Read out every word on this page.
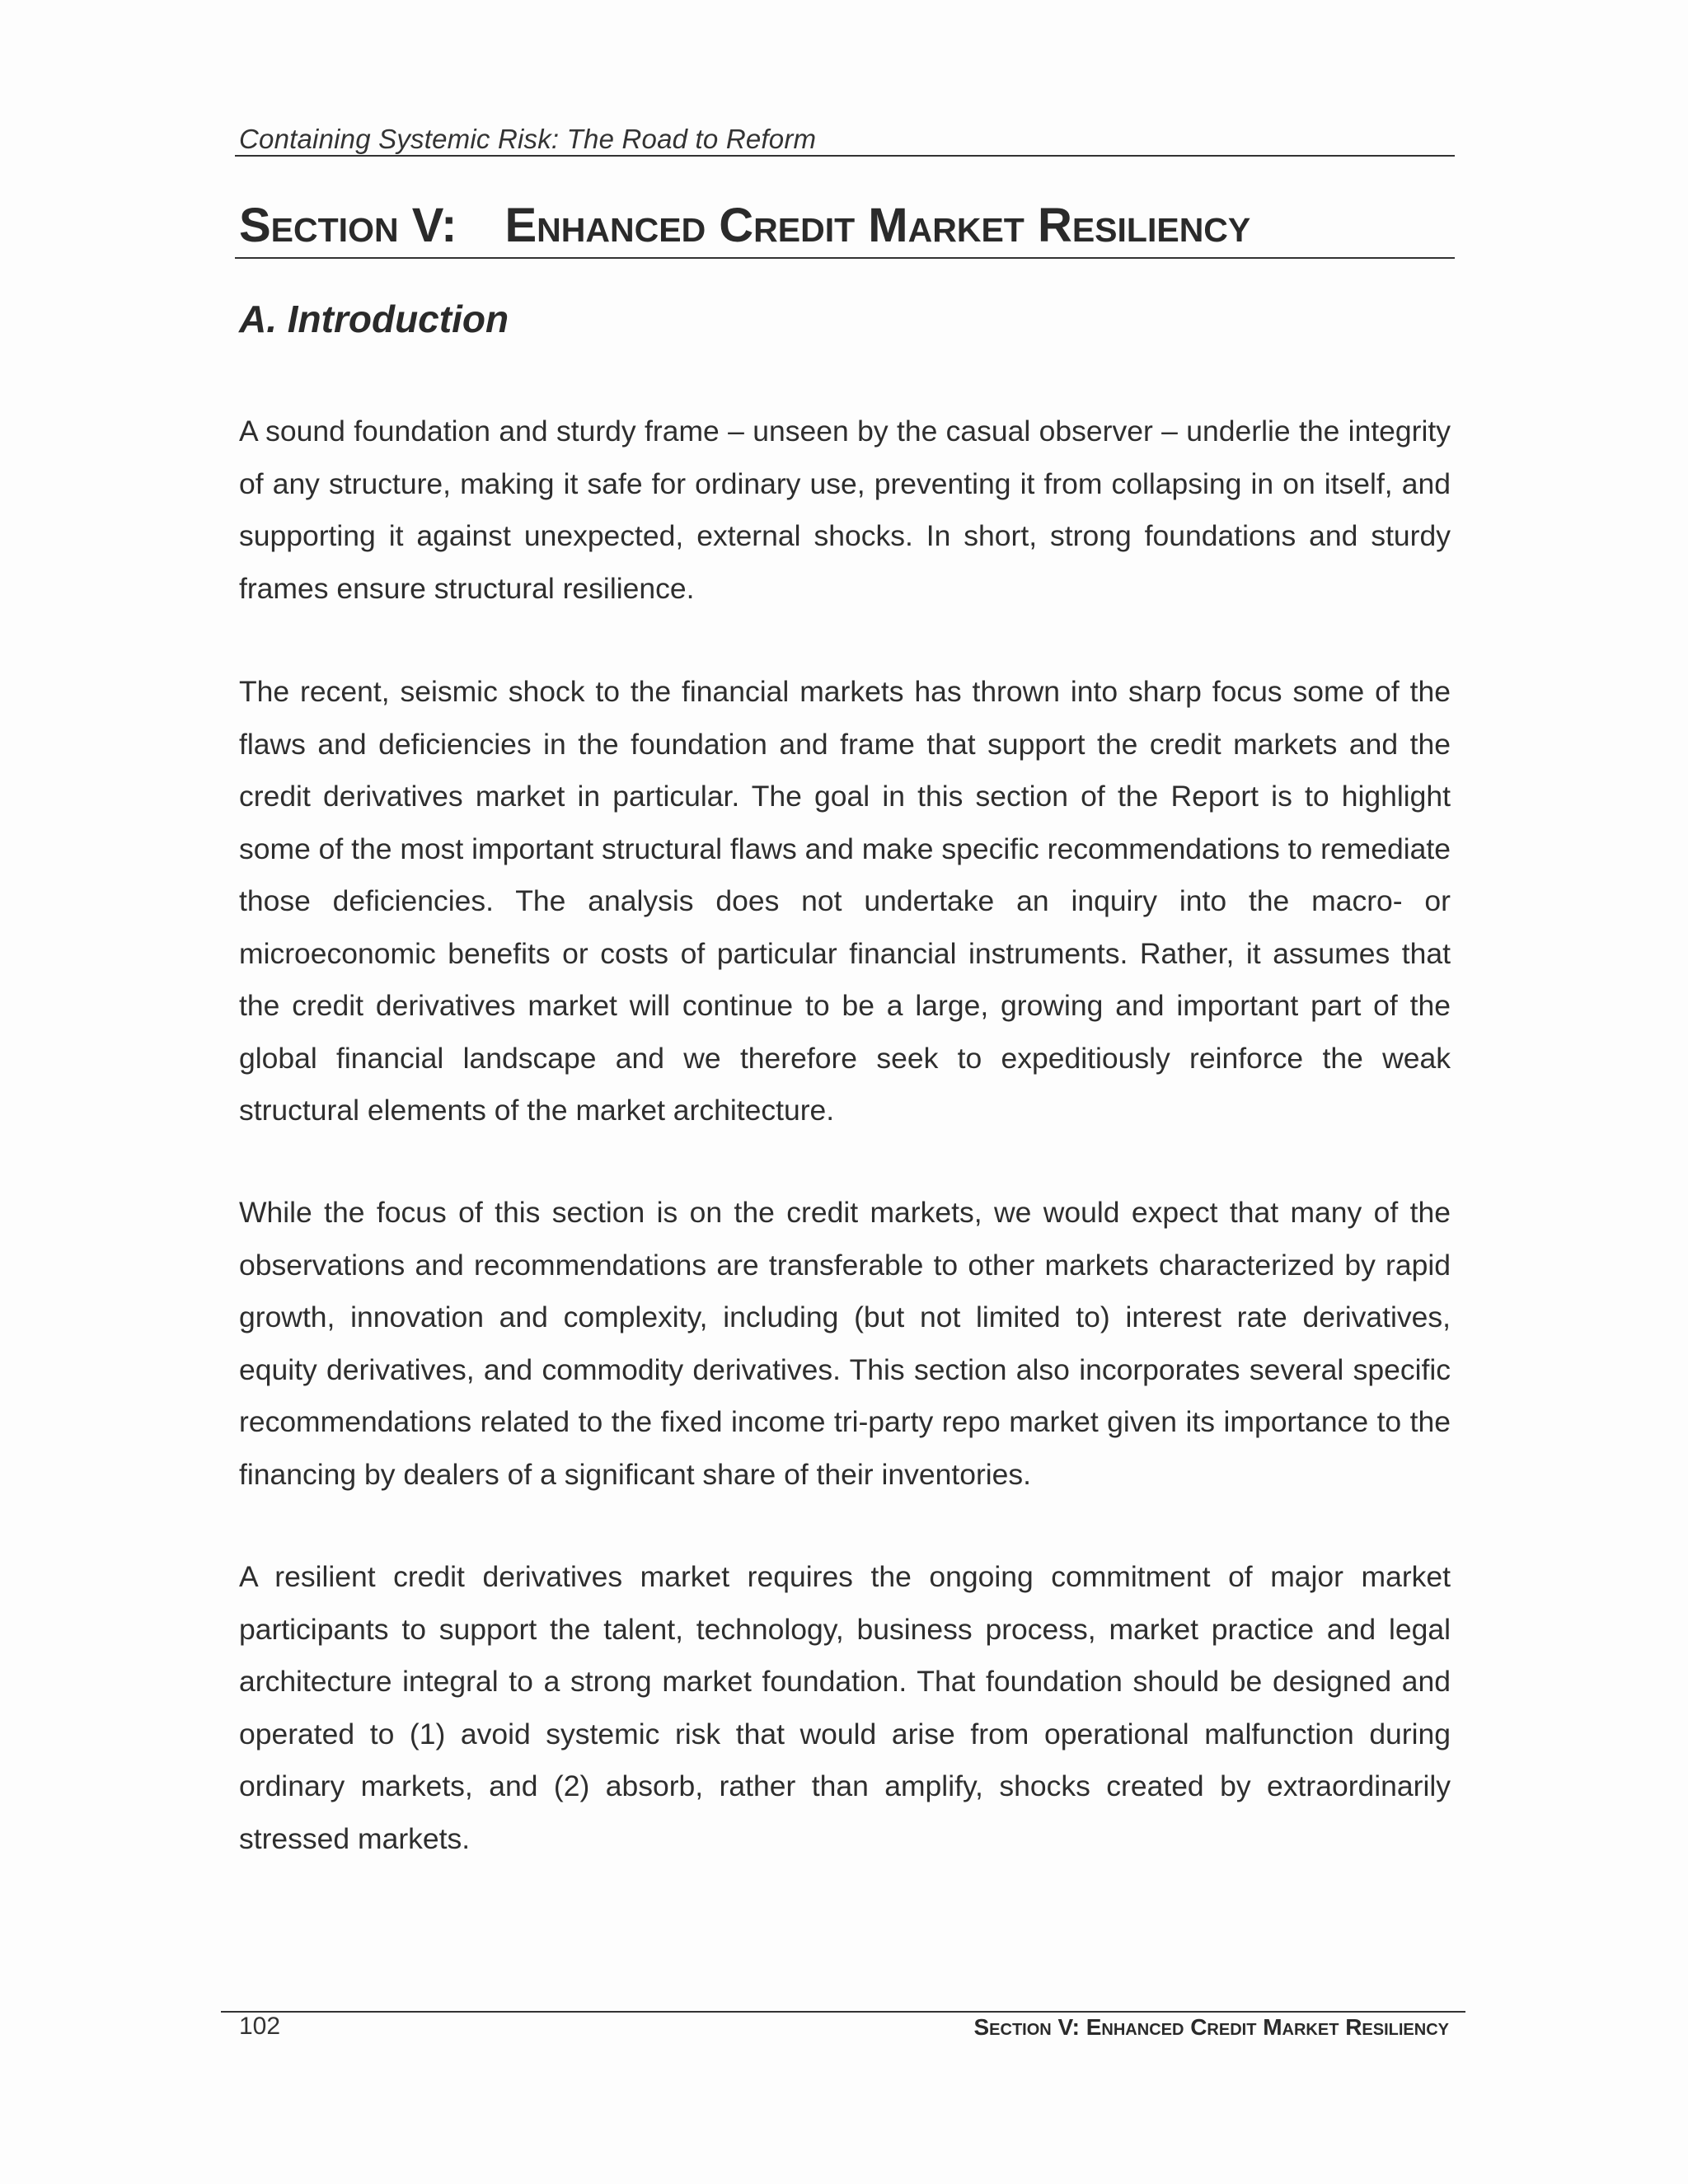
Containing Systemic Risk: The Road to Reform
Section V: Enhanced Credit Market Resiliency
A. Introduction

A sound foundation and sturdy frame – unseen by the casual observer – underlie the integrity of any structure, making it safe for ordinary use, preventing it from collapsing in on itself, and supporting it against unexpected, external shocks. In short, strong foundations and sturdy frames ensure structural resilience.

The recent, seismic shock to the financial markets has thrown into sharp focus some of the flaws and deficiencies in the foundation and frame that support the credit markets and the credit derivatives market in particular. The goal in this section of the Report is to highlight some of the most important structural flaws and make specific recommendations to remediate those deficiencies. The analysis does not undertake an inquiry into the macro- or microeconomic benefits or costs of particular financial instruments. Rather, it assumes that the credit derivatives market will continue to be a large, growing and important part of the global financial landscape and we therefore seek to expeditiously reinforce the weak structural elements of the market architecture.

While the focus of this section is on the credit markets, we would expect that many of the observations and recommendations are transferable to other markets characterized by rapid growth, innovation and complexity, including (but not limited to) interest rate derivatives, equity derivatives, and commodity derivatives. This section also incorporates several specific recommendations related to the fixed income tri-party repo market given its importance to the financing by dealers of a significant share of their inventories.

A resilient credit derivatives market requires the ongoing commitment of major market participants to support the talent, technology, business process, market practice and legal architecture integral to a strong market foundation. That foundation should be designed and operated to (1) avoid systemic risk that would arise from operational malfunction during ordinary markets, and (2) absorb, rather than amplify, shocks created by extraordinarily stressed markets.

102	Section V: Enhanced Credit Market Resiliency
